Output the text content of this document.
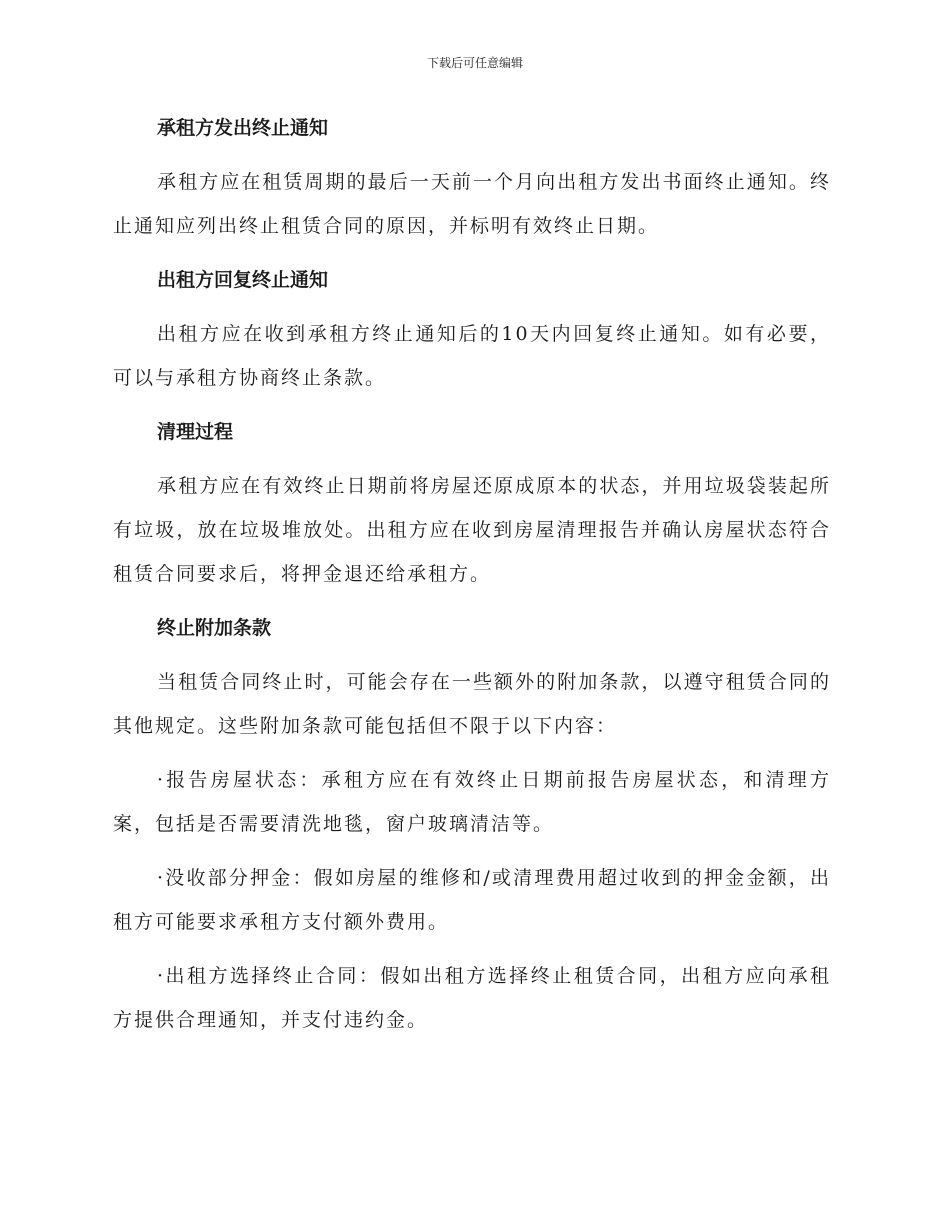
下载后可任意编辑
承租方发出终止通知
承租方应在租赁周期的最后一天前一个月向出租方发出书面终止通知。终止通知应列出终止租赁合同的原因，并标明有效终止日期。
出租方回复终止通知
出租方应在收到承租方终止通知后的10天内回复终止通知。如有必要，可以与承租方协商终止条款。
清理过程
承租方应在有效终止日期前将房屋还原成原本的状态，并用垃圾袋装起所有垃圾，放在垃圾堆放处。出租方应在收到房屋清理报告并确认房屋状态符合租赁合同要求后，将押金退还给承租方。
终止附加条款
当租赁合同终止时，可能会存在一些额外的附加条款，以遵守租赁合同的其他规定。这些附加条款可能包括但不限于以下内容：
·报告房屋状态：承租方应在有效终止日期前报告房屋状态，和清理方案，包括是否需要清洗地毯，窗户玻璃清洁等。
·没收部分押金：假如房屋的维修和/或清理费用超过收到的押金金额，出租方可能要求承租方支付额外费用。
·出租方选择终止合同：假如出租方选择终止租赁合同，出租方应向承租方提供合理通知，并支付违约金。
